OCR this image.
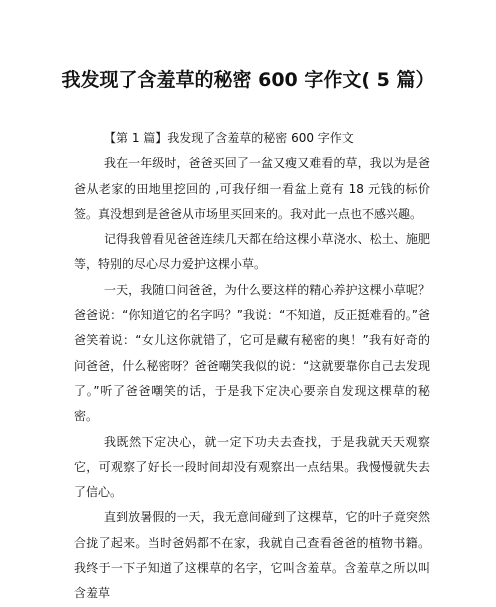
我发现了含羞草的秘密 600 字作文( 5 篇）
【第 1 篇】我发现了含羞草的秘密 600 字作文

我在一年级时，爸爸买回了一盆又瘦又难看的草，我以为是爸爸从老家的田地里挖回的 ,可我仔细一看盆上竟有 18 元钱的标价签。真没想到是爸爸从市场里买回来的。我对此一点也不感兴趣。

记得我曾看见爸爸连续几天都在给这棵小草浇水、松土、施肥等，特别的尽心尽力爱护这棵小草。

一天，我随口问爸爸，为什么要这样的精心养护这棵小草呢？爸爸说：“你知道它的名字吗？”我说：“不知道，反正挺难看的。”爸爸笑着说：“女儿这你就错了，它可是藏有秘密的奥！”我有好奇的问爸爸，什么秘密呀？爸爸嘲笑我似的说：“这就要靠你自己去发现了。”听了爸爸嘲笑的话，于是我下定决心要亲自发现这棵草的秘密。

我既然下定决心，就一定下功夫去查找，于是我就天天观察它，可观察了好长一段时间却没有观察出一点结果。我慢慢就失去了信心。

直到放暑假的一天，我无意间碰到了这棵草，它的叶子竟突然合拢了起来。当时爸妈都不在家，我就自己查看爸爸的植物书籍。我终于一下子知道了这棵草的名字，它叫含羞草。含羞草之所以叫含羞草
